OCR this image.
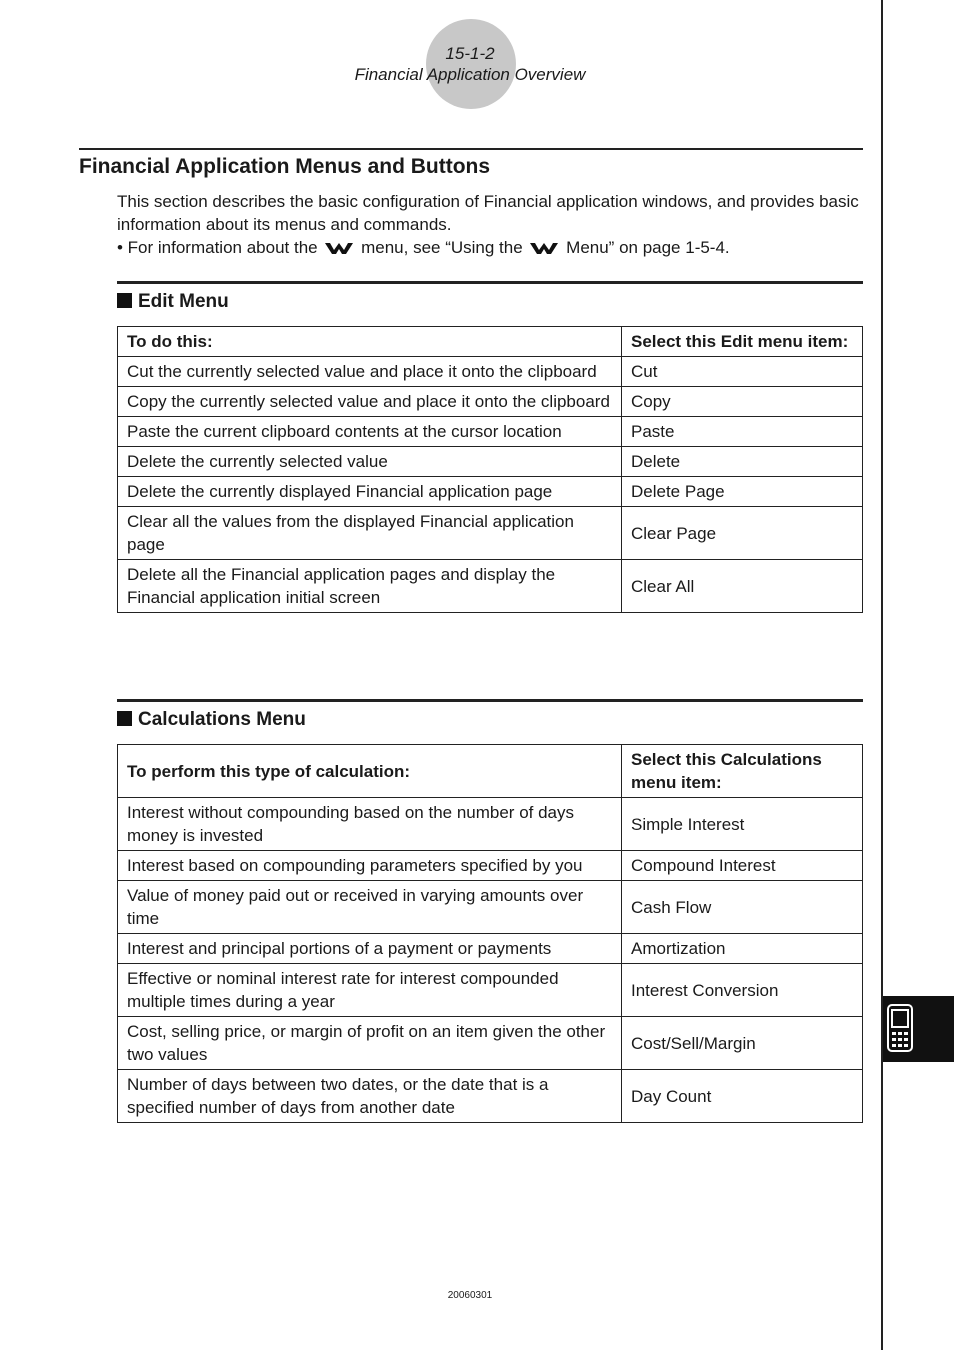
15-1-2
Financial Application Overview
Financial Application Menus and Buttons

This section describes the basic configuration of Financial application windows, and provides basic information about its menus and commands.

• For information about the	menu, see “Using the	Menu” on page 1-5-4.

Edit Menu
To do this:	Select this Edit menu item:
Cut the currently selected value and place it onto the clipboard	Cut
Copy the currently selected value and place it onto the clipboard	Copy
Paste the current clipboard contents at the cursor location	Paste
Delete the currently selected value	Delete
Delete the currently displayed Financial application page	Delete Page
Clear all the values from the displayed Financial application page	Clear Page
Delete all the Financial application pages and display the Financial application initial screen	Clear All
Calculations Menu
To perform this type of calculation:	Select this Calculations menu item:
Interest without compounding based on the number of days money is invested	Simple Interest
Interest based on compounding parameters specified by you	Compound Interest
Value of money paid out or received in varying amounts over time	Cash Flow
Interest and principal portions of a payment or payments	Amortization
Effective or nominal interest rate for interest compounded multiple times during a year	Interest Conversion
Cost, selling price, or margin of profit on an item given the other two values	Cost/Sell/Margin
Number of days between two dates, or the date that is a specified number of days from another date	Day Count
20060301
